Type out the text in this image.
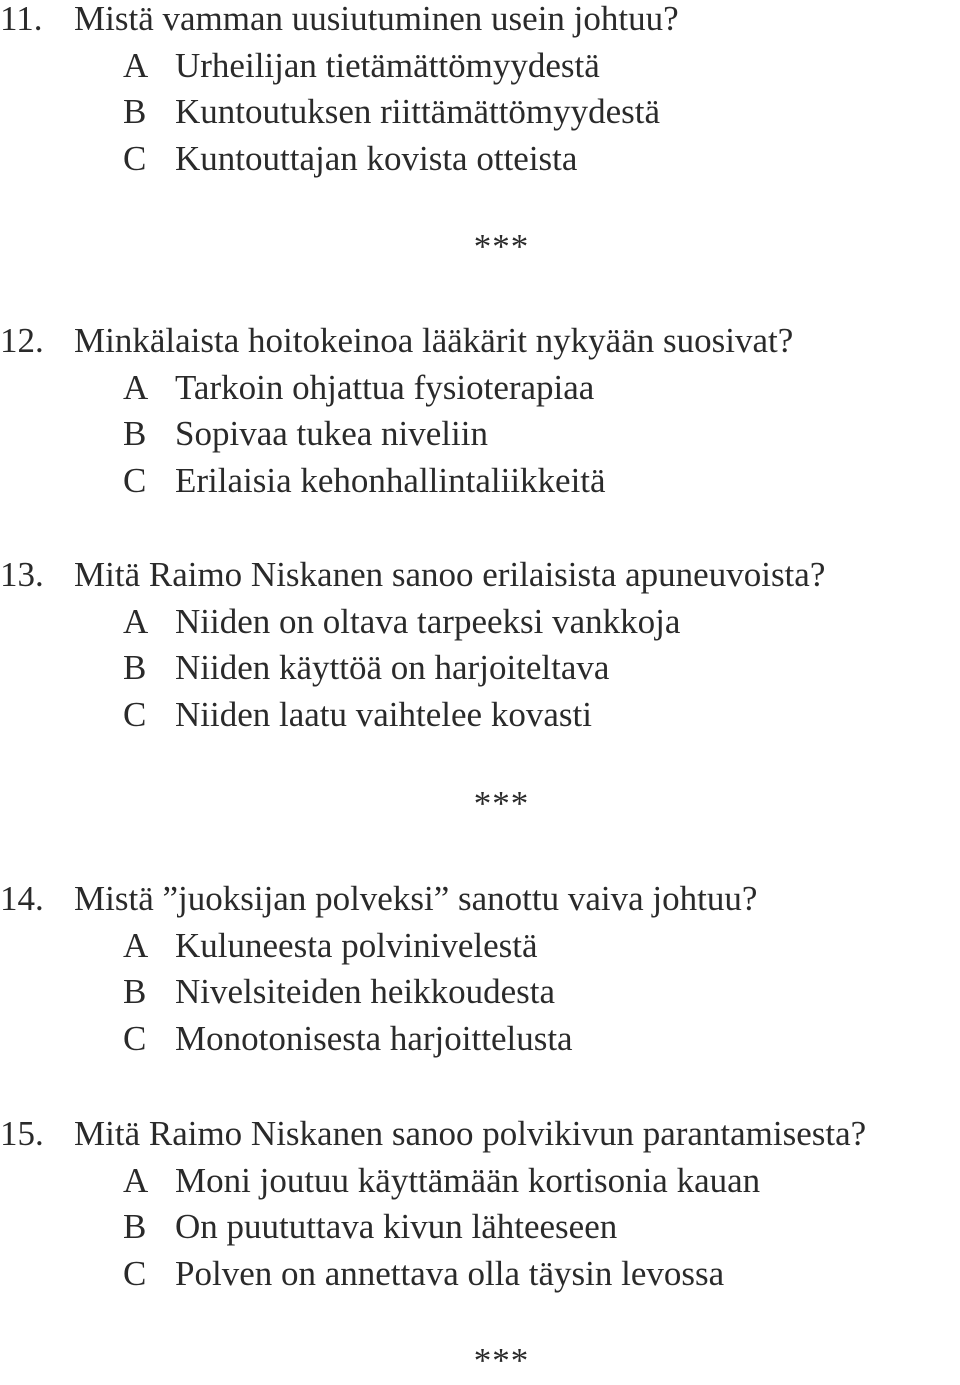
11. Mistä vamman uusiutuminen usein johtuu?
A Urheilijan tietämättömyydestä
B Kuntoutuksen riittämättömyydestä
C Kuntouttajan kovista otteista
***
12. Minkälaista hoitokeinoa lääkärit nykyään suosivat?
A Tarkoin ohjattua fysioterapiaa
B Sopivaa tukea niveliin
C Erilaisia kehonhallintaliikkeitä
13. Mitä Raimo Niskanen sanoo erilaisista apuneuvoista?
A Niiden on oltava tarpeeksi vankkoja
B Niiden käyttöä on harjoiteltava
C Niiden laatu vaihtelee kovasti
***
14. Mistä ”juoksijan polveksi” sanottu vaiva johtuu?
A Kuluneesta polvinivelestä
B Nivelsiteiden heikkoudesta
C Monotonisesta harjoittelusta
15. Mitä Raimo Niskanen sanoo polvikivun parantamisesta?
A Moni joutuu käyttämään kortisonia kauan
B On puututtava kivun lähteeseen
C Polven on annettava olla täysin levossa
***
